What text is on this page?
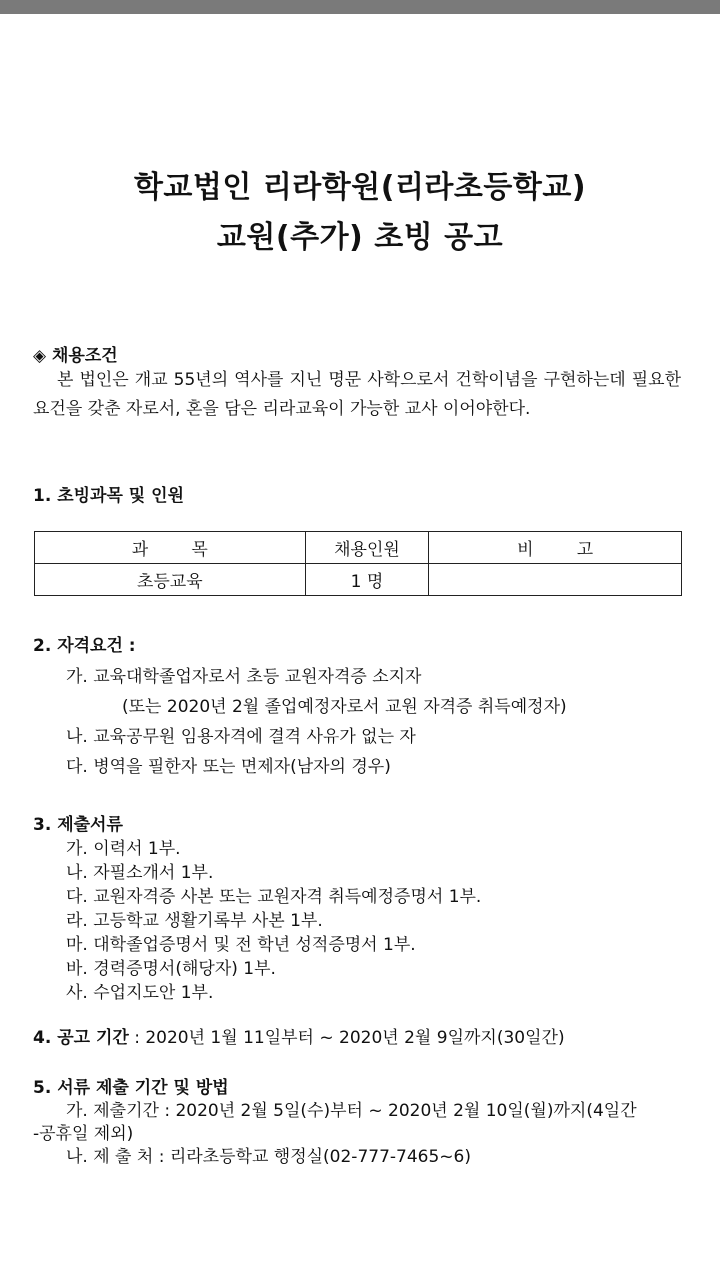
학교법인 리라학원(리라초등학교)
교원(추가) 초빙 공고
◈ 채용조건
본 법인은 개교 55년의 역사를 지닌 명문 사학으로서 건학이념을 구현하는데 필요한 요건을 갖춘 자로서, 혼을 담은 리라교육이 가능한 교사 이어야한다.
1. 초빙과목 및 인원
과        목	채용인원	비        고
초등교육	1 명	
2. 자격요건 :
가. 교육대학졸업자로서 초등 교원자격증 소지자
(또는 2020년 2월 졸업예정자로서 교원 자격증 취득예정자)
나. 교육공무원 임용자격에 결격 사유가 없는 자
다. 병역을 필한자 또는 면제자(남자의 경우)
3. 제출서류
가. 이력서 1부.
나. 자필소개서 1부.
다. 교원자격증 사본 또는 교원자격 취득예정증명서 1부.
라. 고등학교 생활기록부 사본 1부.
마. 대학졸업증명서 및 전 학년 성적증명서 1부.
바. 경력증명서(해당자) 1부.
사. 수업지도안 1부.
4. 공고 기간 : 2020년 1월 11일부터 ~ 2020년 2월 9일까지(30일간)
5. 서류 제출 기간 및 방법
가. 제출기간 : 2020년 2월 5일(수)부터 ~ 2020년 2월 10일(월)까지(4일간
-공휴일 제외)
나. 제 출 처 : 리라초등학교 행정실(02-777-7465~6)
